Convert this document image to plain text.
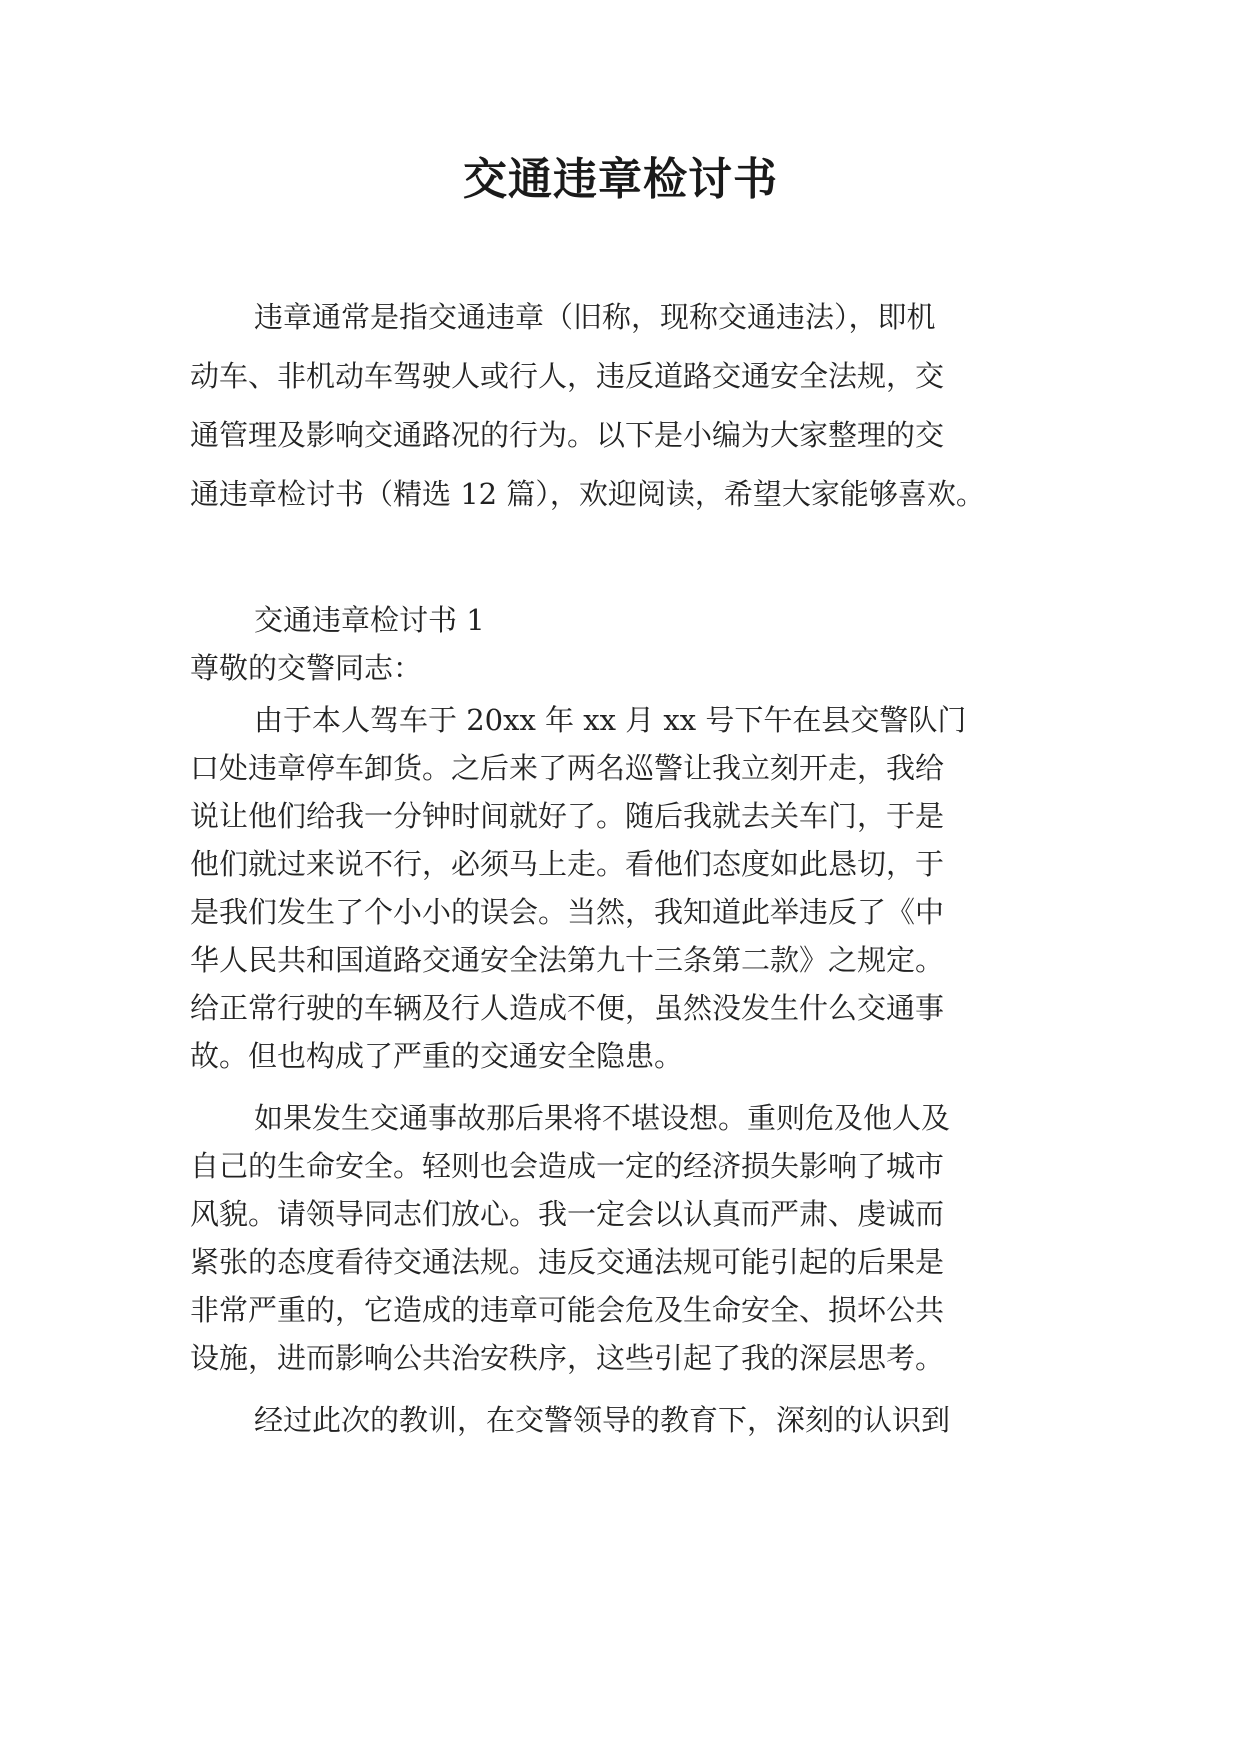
交通违章检讨书
违章通常是指交通违章（旧称，现称交通违法），即机
动车、非机动车驾驶人或行人，违反道路交通安全法规，交
通管理及影响交通路况的行为。以下是小编为大家整理的交
通违章检讨书（精选 12 篇），欢迎阅读，希望大家能够喜欢。
交通违章检讨书 1
尊敬的交警同志：
由于本人驾车于 20xx 年 xx 月 xx 号下午在县交警队门
口处违章停车卸货。之后来了两名巡警让我立刻开走，我给
说让他们给我一分钟时间就好了。随后我就去关车门，于是
他们就过来说不行，必须马上走。看他们态度如此恳切，于
是我们发生了个小小的误会。当然，我知道此举违反了《中
华人民共和国道路交通安全法第九十三条第二款》之规定。
给正常行驶的车辆及行人造成不便，虽然没发生什么交通事
故。但也构成了严重的交通安全隐患。
如果发生交通事故那后果将不堪设想。重则危及他人及
自己的生命安全。轻则也会造成一定的经济损失影响了城市
风貌。请领导同志们放心。我一定会以认真而严肃、虔诚而
紧张的态度看待交通法规。违反交通法规可能引起的后果是
非常严重的，它造成的违章可能会危及生命安全、损坏公共
设施，进而影响公共治安秩序，这些引起了我的深层思考。
经过此次的教训，在交警领导的教育下，深刻的认识到
